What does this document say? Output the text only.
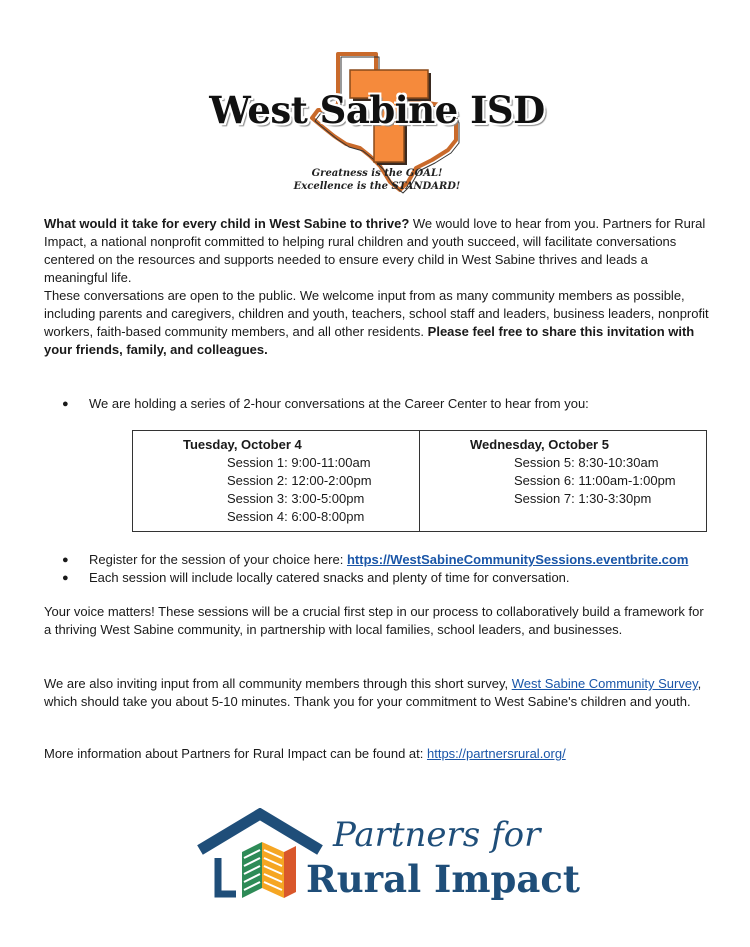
West Sabine ISD
Greatness is the GOAL!
Excellence is the STANDARD!

What would it take for every child in West Sabine to thrive? We would love to hear from you. Partners for Rural Impact, a national nonprofit committed to helping rural children and youth succeed, will facilitate conversations centered on the resources and supports needed to ensure every child in West Sabine thrives and leads a meaningful life.

These conversations are open to the public. We welcome input from as many community members as possible, including parents and caregivers, children and youth, teachers, school staff and leaders, business leaders, nonprofit workers, faith-based community members, and all other residents. Please feel free to share this invitation with your friends, family, and colleagues.

● We are holding a series of 2-hour conversations at the Career Center to hear from you:
Tuesday, October 4
Session 1: 9:00-11:00am
Session 2: 12:00-2:00pm
Session 3: 3:00-5:00pm
Session 4: 6:00-8:00pm
Wednesday, October 5
Session 5: 8:30-10:30am
Session 6: 11:00am-1:00pm
Session 7: 1:30-3:30pm
● Register for the session of your choice here: https://WestSabineCommunitySessions.eventbrite.com
● Each session will include locally catered snacks and plenty of time for conversation.

Your voice matters! These sessions will be a crucial first step in our process to collaboratively build a framework for a thriving West Sabine community, in partnership with local families, school leaders, and businesses.

We are also inviting input from all community members through this short survey, West Sabine Community Survey, which should take you about 5-10 minutes. Thank you for your commitment to West Sabine's children and youth.

More information about Partners for Rural Impact can be found at: https://partnersrural.org/

Partners for
Rural Impact
